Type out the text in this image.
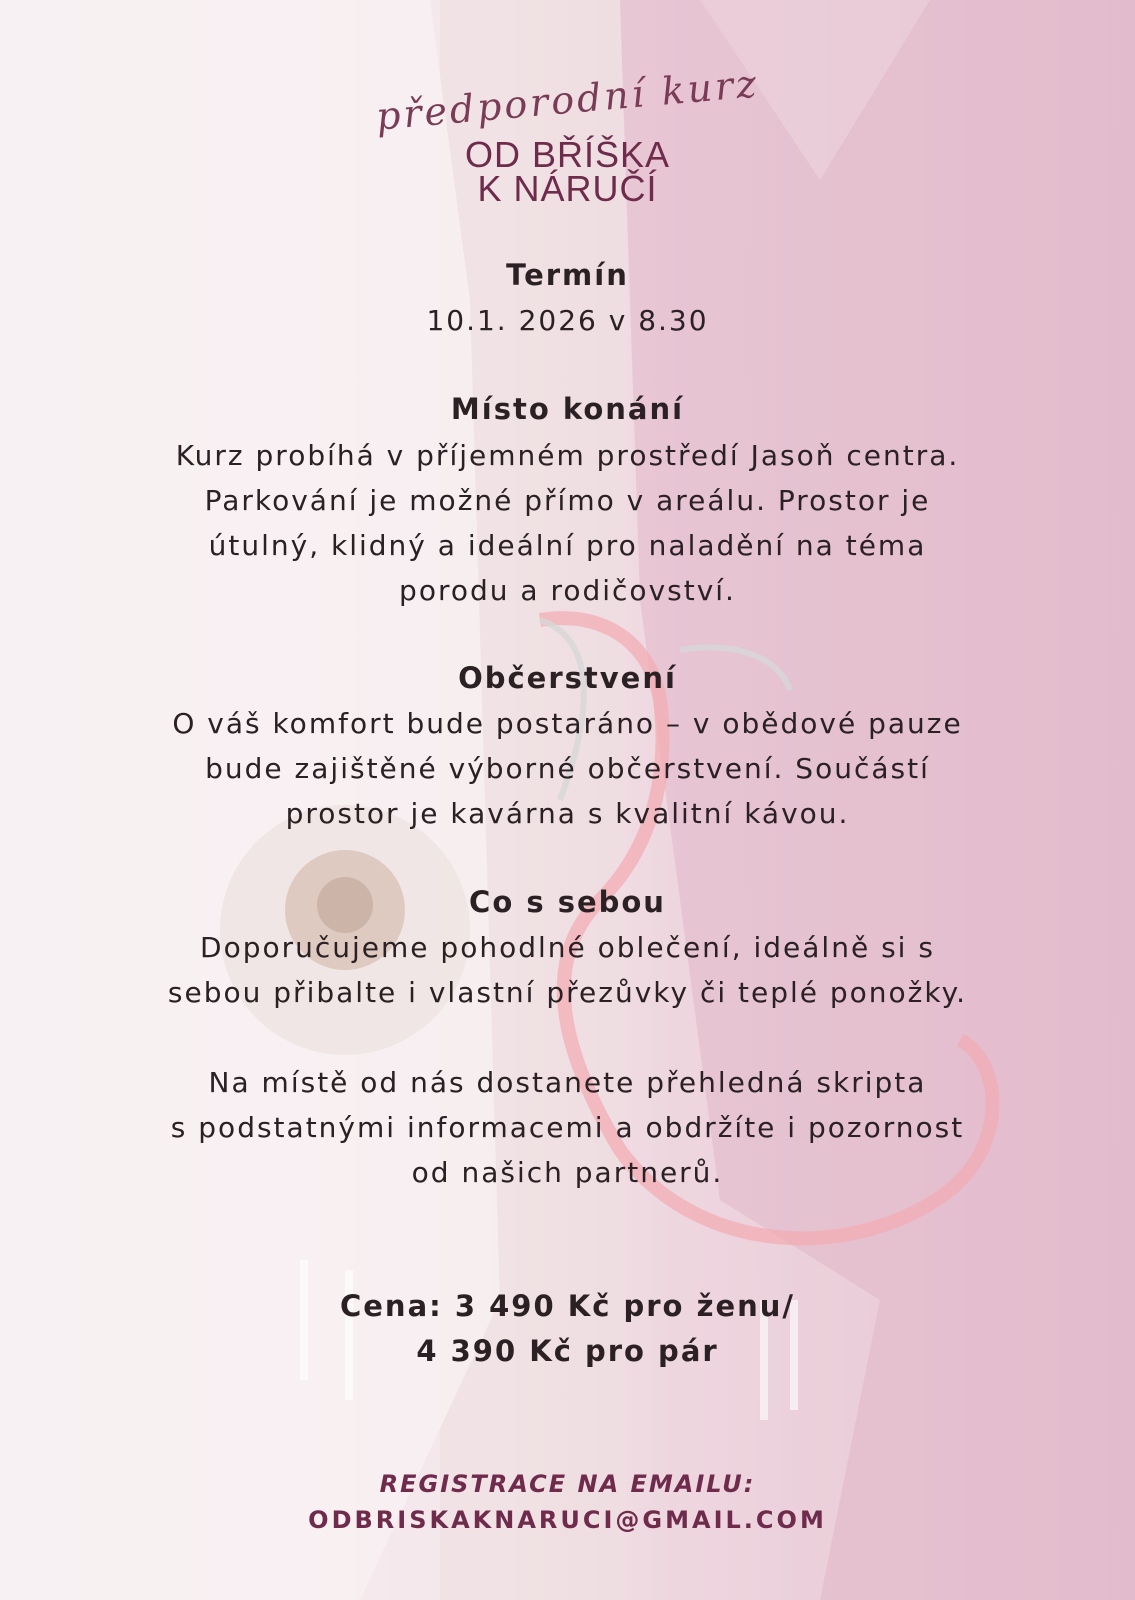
předporodní kurz
OD BŘÍŠKA
K NÁRUČÍ
Termín
10.1. 2026 v 8.30
Místo konání
Kurz probíhá v příjemném prostředí Jasoň centra.
Parkování je možné přímo v areálu. Prostor je
útulný, klidný a ideální pro naladění na téma
porodu a rodičovství.
Občerstvení
O váš komfort bude postaráno – v obědové pauze
bude zajištěné výborné občerstvení. Součástí
prostor je kavárna s kvalitní kávou.
Co s sebou
Doporučujeme pohodlné oblečení, ideálně si s
sebou přibalte i vlastní přezůvky či teplé ponožky.
Na místě od nás dostanete přehledná skripta
s podstatnými informacemi a obdržíte i pozornost
od našich partnerů.
Cena: 3 490 Kč pro ženu/
4 390 Kč pro pár
REGISTRACE NA EMAILU:
ODBRISKAKNARUCI@GMAIL.COM
